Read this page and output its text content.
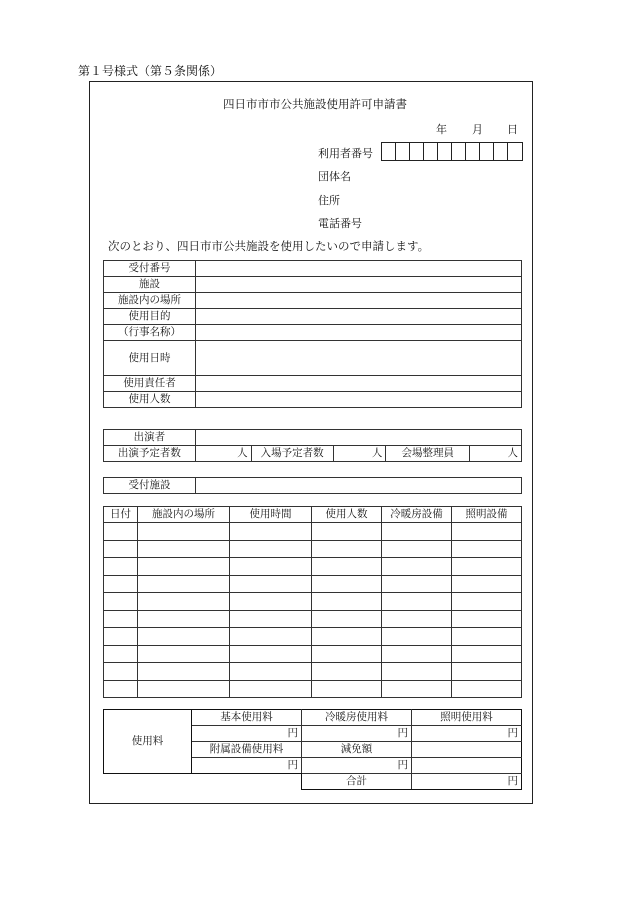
第１号様式（第５条関係）
四日市市市公共施設使用許可申請書
年 月 日
利用者番号
団体名
住所
電話番号
次のとおり、四日市市公共施設を使用したいので申請します。
受付番号	
施設	
施設内の場所	
使用目的	
（行事名称）	
使用日時	
使用責任者	
使用人数	
出演者					
出演予定者数	人	入場予定者数	人	会場整理員	人
受付施設	
日付	施設内の場所	使用時間	使用人数	冷暖房設備	照明設備

使用料	基本使用料	冷暖房使用料	照明使用料
	円	円	円
	附属設備使用料	減免額	
	円	円	
		合計	円
